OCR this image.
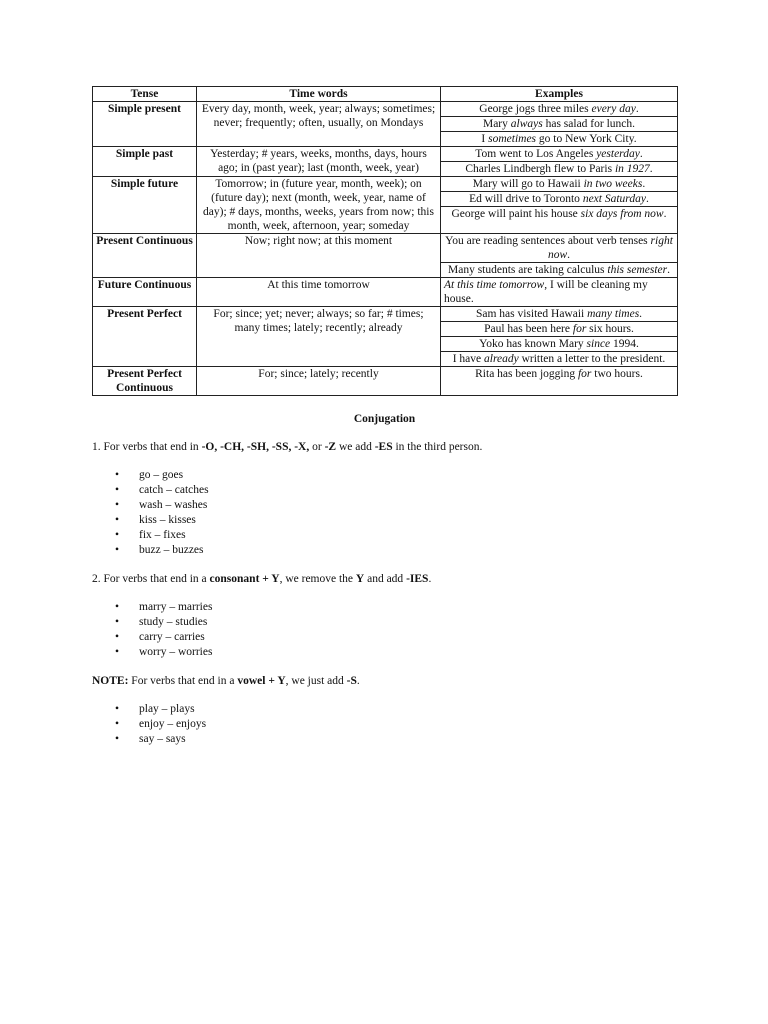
Tense	Time words	Examples
Simple present	Every day, month, week, year; always; sometimes; never; frequently; often, usually, on Mondays	George jogs three miles every day.
Mary always has salad for lunch.
I sometimes go to New York City.

Simple past	Yesterday; # years, weeks, months, days, hours ago; in (past year); last (month, week, year)	Tom went to Los Angeles yesterday.
Charles Lindbergh flew to Paris in 1927.

Simple future	Tomorrow; in (future year, month, week); on (future day); next (month, week, year, name of day); # days, months, weeks, years from now; this month, week, afternoon, year; someday	Mary will go to Hawaii in two weeks.
Ed will drive to Toronto next Saturday.
George will paint his house six days from now.

Present Continuous	Now; right now; at this moment	You are reading sentences about verb tenses right now.
Many students are taking calculus this semester.

Future Continuous	At this time tomorrow	At this time tomorrow, I will be cleaning my house.

Present Perfect	For; since; yet; never; always; so far; # times; many times; lately; recently; already	Sam has visited Hawaii many times.
Paul has been here for six hours.
Yoko has known Mary since 1994.
I have already written a letter to the president.

Present Perfect Continuous	For; since; lately; recently	Rita has been jogging for two hours.
Conjugation

1. For verbs that end in -O, -CH, -SH, -SS, -X, or -Z we add -ES in the third person.

• go – goes
• catch – catches
• wash – washes
• kiss – kisses
• fix – fixes
• buzz – buzzes

2. For verbs that end in a consonant + Y, we remove the Y and add -IES.

• marry – marries
• study – studies
• carry – carries
• worry – worries

NOTE: For verbs that end in a vowel + Y, we just add -S.

• play – plays
• enjoy – enjoys
• say – says
